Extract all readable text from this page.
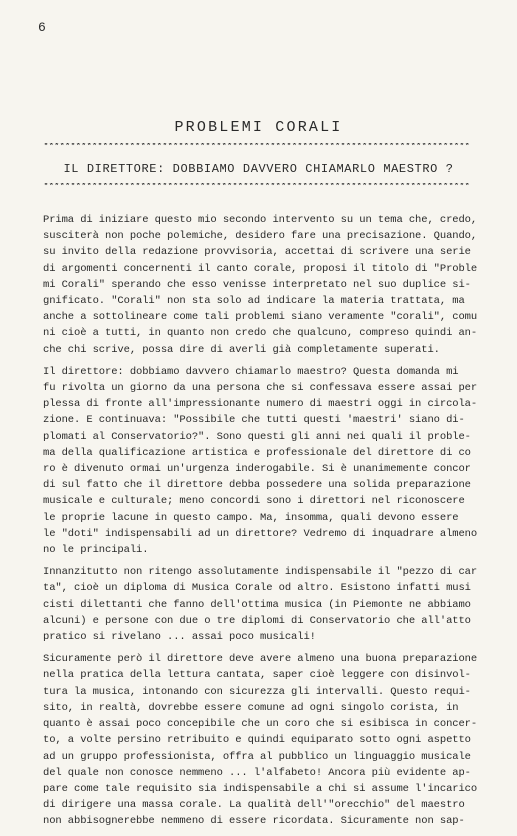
6
PROBLEMI CORALI
*******************************************************************************
IL DIRETTORE: DOBBIAMO DAVVERO CHIAMARLO MAESTRO ?
*******************************************************************************
Prima di iniziare questo mio secondo intervento su un tema che, credo,
susciterà non poche polemiche, desidero fare una precisazione. Quando,
su invito della redazione provvisoria, accettai di scrivere una serie
di argomenti concernenti il canto corale, proposi il titolo di "Proble
mi Corali" sperando che esso venisse interpretato nel suo duplice si-
gnificato. "Corali" non sta solo ad indicare la materia trattata, ma
anche a sottolineare come tali problemi siano veramente "corali", comu
ni cioè a tutti, in quanto non credo che qualcuno, compreso quindi an-
che chi scrive, possa dire di averli già completamente superati.
Il direttore: dobbiamo davvero chiamarlo maestro? Questa domanda mi
fu rivolta un giorno da una persona che si confessava essere assai per
plessa di fronte all'impressionante numero di maestri oggi in circola-
zione. E continuava: "Possibile che tutti questi 'maestri' siano di-
plomati al Conservatorio?". Sono questi gli anni nei quali il proble-
ma della qualificazione artistica e professionale del direttore di co
ro è divenuto ormai un'urgenza inderogabile. Si è unanimemente concor
di sul fatto che il direttore debba possedere una solida preparazione
musicale e culturale; meno concordi sono i direttori nel riconoscere
le proprie lacune in questo campo. Ma, insomma, quali devono essere
le "doti" indispensabili ad un direttore? Vedremo di inquadrare almeno
no le principali.
Innanzitutto non ritengo assolutamente indispensabile il "pezzo di car
ta", cioè un diploma di Musica Corale od altro. Esistono infatti musi
cisti dilettanti che fanno dell'ottima musica (in Piemonte ne abbiamo
alcuni) e persone con due o tre diplomi di Conservatorio che all'atto
pratico si rivelano ... assai poco musicali!
Sicuramente però il direttore deve avere almeno una buona preparazione
nella pratica della lettura cantata, saper cioè leggere con disinvol-
tura la musica, intonando con sicurezza gli intervalli. Questo requi-
sito, in realtà, dovrebbe essere comune ad ogni singolo corista, in
quanto è assai poco concepibile che un coro che si esibisca in concer-
to, a volte persino retribuito e quindi equiparato sotto ogni aspetto
ad un gruppo professionista, offra al pubblico un linguaggio musicale
del quale non conosce nemmeno ... l'alfabeto! Ancora più evidente ap-
pare come tale requisito sia indispensabile a chi si assume l'incarico
di dirigere una massa corale. La qualità dell'"orecchio" del maestro
non abbisognerebbe nemmeno di essere ricordata. Sicuramente non sap-
